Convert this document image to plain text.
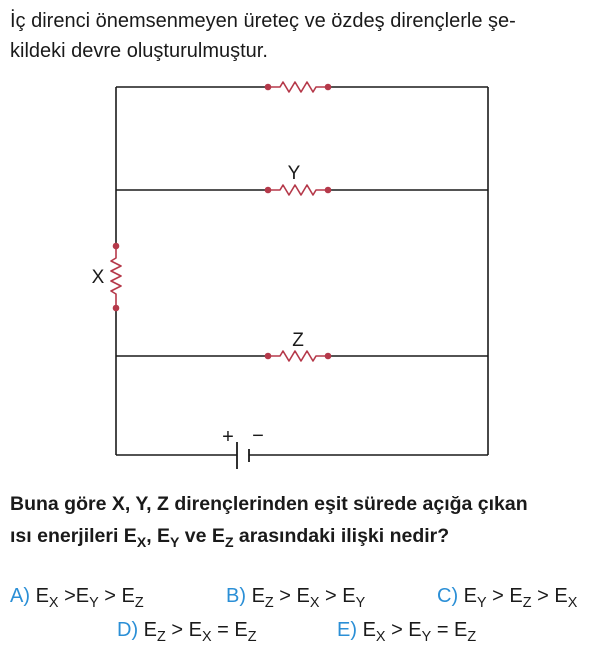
İç direnci önemsenmeyen üreteç ve özdeş dirençlerle şe-
kildeki devre oluşturulmuştur.

Y
X
Z
+ −

Buna göre X, Y, Z dirençlerinden eşit sürede açığa çıkan
ısı enerjileri $E_X$, $E_Y$ ve $E_Z$ arasındaki ilişki nedir?

A) $E_X >E_Y > E_Z$	B) $E_Z > E_X > E_Y$	C) $E_Y > E_Z > E_X$
D) $E_Z > E_X = E_Z$	E) $E_X > E_Y = E_Z$
